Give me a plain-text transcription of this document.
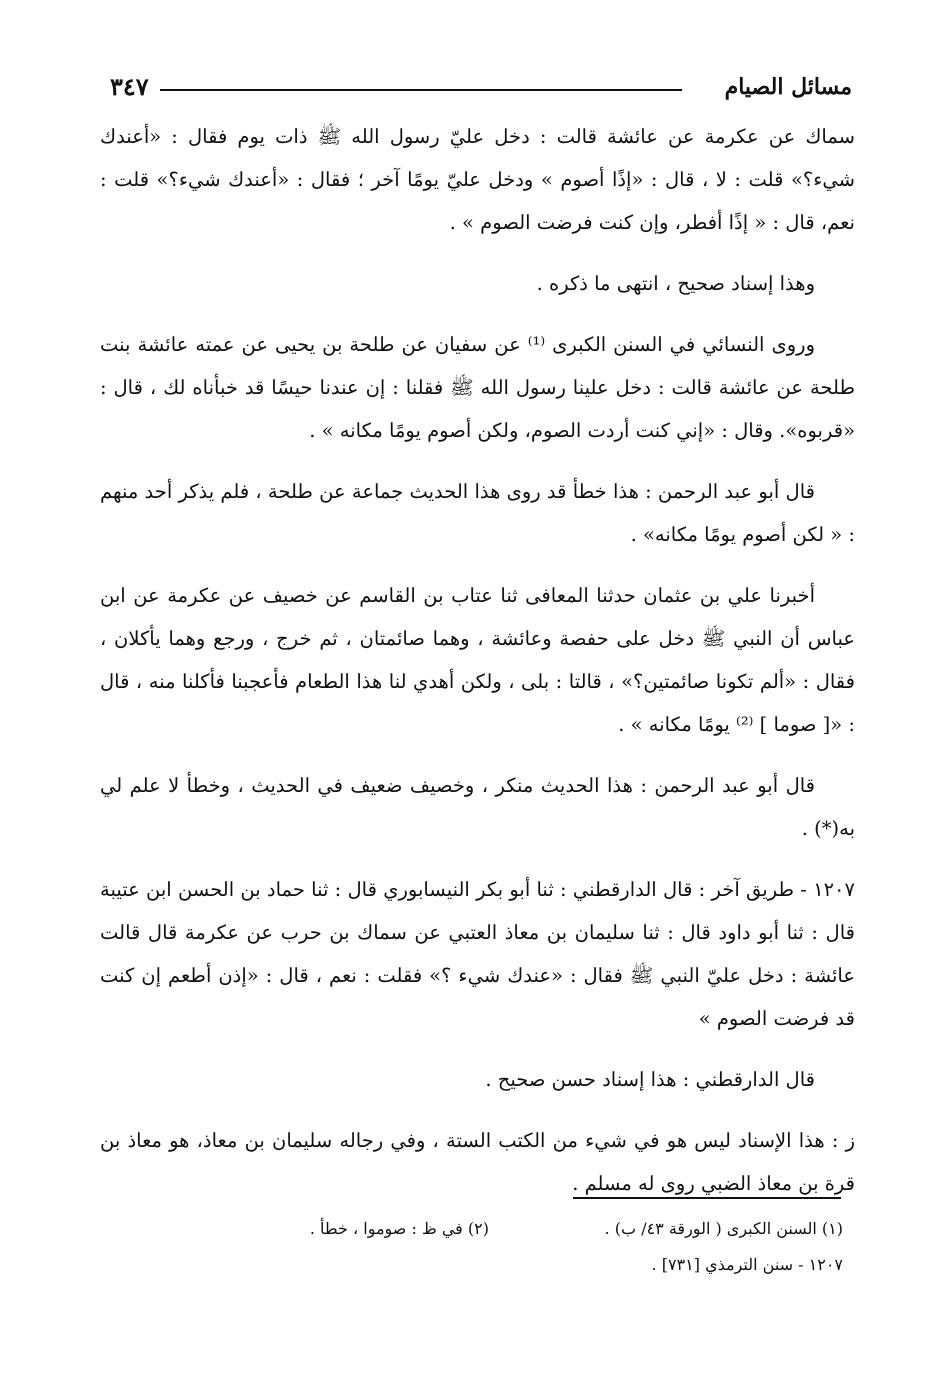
مسائل الصيام
٣٤٧

سماك عن عكرمة عن عائشة قالت : دخل عليّ رسول الله ﷺ ذات يوم فقال : «أعندك شيء؟» قلت : لا ، قال : «إذًا أصوم » ودخل عليّ يومًا آخر ؛ فقال : «أعندك شيء؟» قلت : نعم، قال : « إذًا أفطر، وإن كنت فرضت الصوم » .

وهذا إسناد صحيح ، انتهى ما ذكره .

وروى النسائي في السنن الكبرى ⁽¹⁾ عن سفيان عن طلحة بن يحيى عن عمته عائشة بنت طلحة عن عائشة قالت : دخل علينا رسول الله ﷺ فقلنا : إن عندنا حيسًا قد خبأناه لك ، قال : «قربوه». وقال : «إني كنت أردت الصوم، ولكن أصوم يومًا مكانه » .

قال أبو عبد الرحمن : هذا خطأ قد روى هذا الحديث جماعة عن طلحة ، فلم يذكر أحد منهم : « لكن أصوم يومًا مكانه» .

أخبرنا علي بن عثمان حدثنا المعافى ثنا عتاب بن القاسم عن خصيف عن عكرمة عن ابن عباس أن النبي ﷺ دخل على حفصة وعائشة ، وهما صائمتان ، ثم خرج ، ورجع وهما يأكلان ، فقال : «ألم تكونا صائمتين؟» ، قالتا : بلى ، ولكن أهدي لنا هذا الطعام فأعجبنا فأكلنا منه ، قال : «[ صوما ] ⁽²⁾ يومًا مكانه » .

قال أبو عبد الرحمن : هذا الحديث منكر ، وخصيف ضعيف في الحديث ، وخطأ لا علم لي به(*) .

١٢٠٧ - طريق آخر : قال الدارقطني : ثنا أبو بكر النيسابوري قال : ثنا حماد بن الحسن ابن عتيبة قال : ثنا أبو داود قال : ثنا سليمان بن معاذ العتبي عن سماك بن حرب عن عكرمة قال قالت عائشة : دخل عليّ النبي ﷺ فقال : «عندك شيء ؟» فقلت : نعم ، قال : «إذن أطعم إن كنت قد فرضت الصوم »

قال الدارقطني : هذا إسناد حسن صحيح .

ز : هذا الإسناد ليس هو في شيء من الكتب الستة ، وفي رجاله سليمان بن معاذ، هو معاذ بن قرة بن معاذ الضبي روى له مسلم .

(١) السنن الكبرى ( الورقة ٤٣/ ب) .
(٢) في ظ : صوموا ، خطأ .
١٢٠٧ - سنن الترمذي [٧٣١] .
